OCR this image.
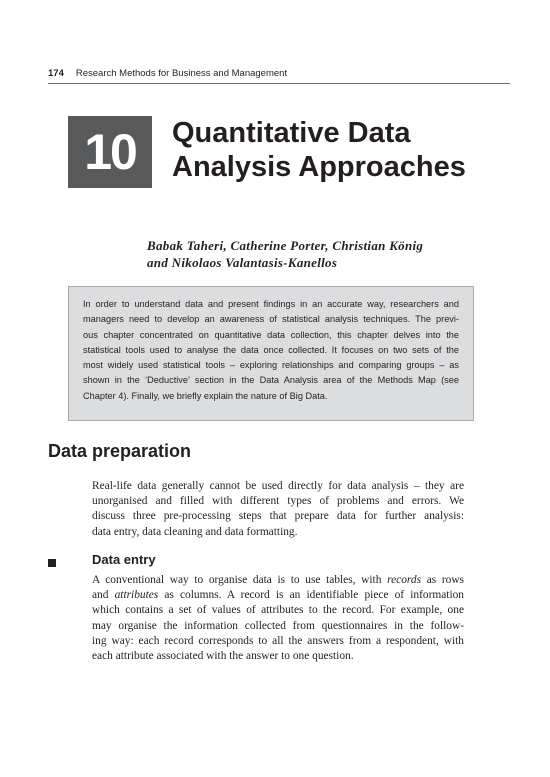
174 Research Methods for Business and Management
10 Quantitative Data
Analysis Approaches
Babak Taheri, Catherine Porter, Christian König
and Nikolaos Valantasis-Kanellos
In order to understand data and present findings in an accurate way, researchers and
managers need to develop an awareness of statistical analysis techniques. The previ-
ous chapter concentrated on quantitative data collection, this chapter delves into the
statistical tools used to analyse the data once collected. It focuses on two sets of the
most widely used statistical tools – exploring relationships and comparing groups – as
shown in the ‘Deductive’ section in the Data Analysis area of the Methods Map (see
Chapter 4). Finally, we briefly explain the nature of Big Data.
Data preparation
Real-life data generally cannot be used directly for data analysis – they are
unorganised and filled with different types of problems and errors. We
discuss three pre-processing steps that prepare data for further analysis:
data entry, data cleaning and data formatting.
Data entry
A conventional way to organise data is to use tables, with records as rows
and attributes as columns. A record is an identifiable piece of information
which contains a set of values of attributes to the record. For example, one
may organise the information collected from questionnaires in the follow-
ing way: each record corresponds to all the answers from a respondent, with
each attribute associated with the answer to one question.
